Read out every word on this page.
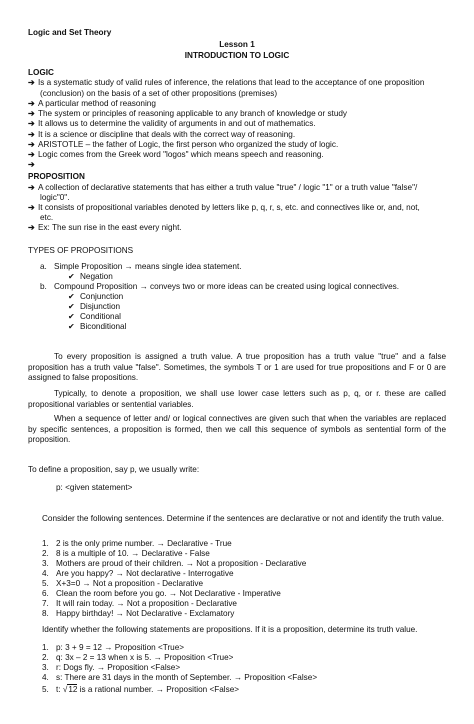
Logic and Set Theory
Lesson 1
INTRODUCTION TO LOGIC
LOGIC
➔ Is a systematic study of valid rules of inference, the relations that lead to the acceptance of one proposition
(conclusion) on the basis of a set of other propositions (premises)
➔ A particular method of reasoning
➔ The system or principles of reasoning applicable to any branch of knowledge or study
➔ It allows us to determine the validity of arguments in and out of mathematics.
➔ It is a science or discipline that deals with the correct way of reasoning.
➔ ARISTOTLE – the father of Logic, the first person who organized the study of logic.
➔ Logic comes from the Greek word "logos" which means speech and reasoning.
➔
PROPOSITION
➔ A collection of declarative statements that has either a truth value "true" / logic "1" or a truth value "false"/
logic"0".
➔ It consists of propositional variables denoted by letters like p, q, r, s, etc. and connectives like or, and, not,
etc.
➔ Ex: The sun rise in the east every night.
TYPES OF PROPOSITIONS
a. Simple Proposition → means single idea statement.
✔ Negation
b. Compound Proposition → conveys two or more ideas can be created using logical connectives.
✔ Conjunction
✔ Disjunction
✔ Conditional
✔ Biconditional
To every proposition is assigned a truth value. A true proposition has a truth value "true" and a false proposition has a truth value "false". Sometimes, the symbols T or 1 are used for true propositions and F or 0 are assigned to false propositions.
Typically, to denote a proposition, we shall use lower case letters such as p, q, or r. these are called propositional variables or sentential variables.
When a sequence of letter and/ or logical connectives are given such that when the variables are replaced by specific sentences, a proposition is formed, then we call this sequence of symbols as sentential form of the proposition.
To define a proposition, say p, we usually write:
p: <given statement>
Consider the following sentences. Determine if the sentences are declarative or not and identify the truth value.
1. 2 is the only prime number. → Declarative - True
2. 8 is a multiple of 10. → Declarative - False
3. Mothers are proud of their children. → Not a proposition - Declarative
4. Are you happy? → Not declarative - Interrogative
5. X+3=0 → Not a proposition - Declarative
6. Clean the room before you go. → Not Declarative - Imperative
7. It will rain today. → Not a proposition - Declarative
8. Happy birthday! → Not Declarative - Exclamatory
Identify whether the following statements are propositions. If it is a proposition, determine its truth value.
1. p: 3 + 9 = 12 → Proposition <True>
2. q: 3x – 2 = 13 when x is 5. → Proposition <True>
3. r: Dogs fly. → Proposition <False>
4. s: There are 31 days in the month of September. → Proposition <False>
5. t: √12 is a rational number. → Proposition <False>
